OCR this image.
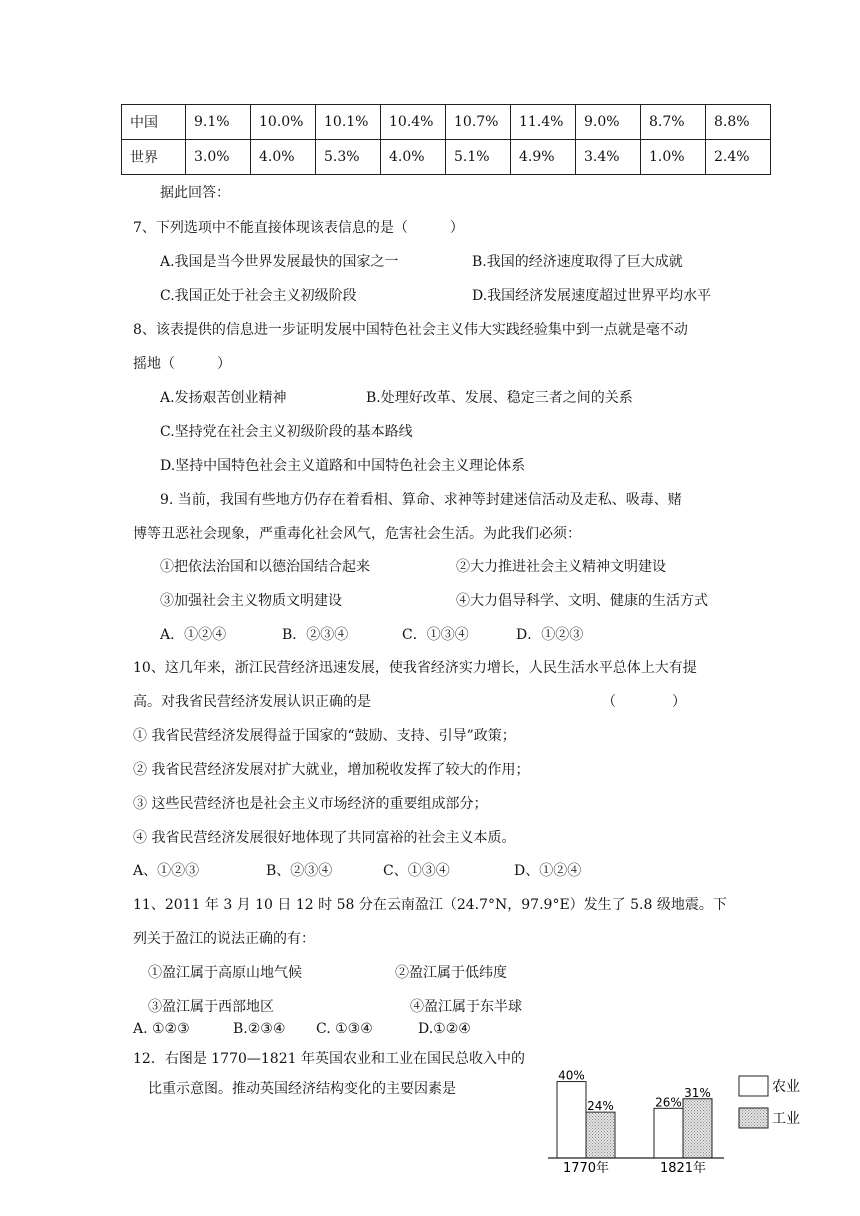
中国	9.1%	10.0%	10.1%	10.4%	10.7%	11.4%	9.0%	8.7%	8.8%
世界	3.0%	4.0%	5.3%	4.0%	5.1%	4.9%	3.4%	1.0%	2.4%
据此回答：
7、下列选项中不能直接体现该表信息的是（　　　）
A.我国是当今世界发展最快的国家之一	B.我国的经济速度取得了巨大成就
C.我国正处于社会主义初级阶段	D.我国经济发展速度超过世界平均水平
8、该表提供的信息进一步证明发展中国特色社会主义伟大实践经验集中到一点就是毫不动
摇地（　　　）
A.发扬艰苦创业精神	B.处理好改革、发展、稳定三者之间的关系
C.坚持党在社会主义初级阶段的基本路线
D.坚持中国特色社会主义道路和中国特色社会主义理论体系
9. 当前，我国有些地方仍存在着看相、算命、求神等封建迷信活动及走私、吸毒、赌
博等丑恶社会现象，严重毒化社会风气，危害社会生活。为此我们必须：
①把依法治国和以德治国结合起来	②大力推进社会主义精神文明建设
③加强社会主义物质文明建设	④大力倡导科学、文明、健康的生活方式
A．①②④	B．②③④	C．①③④	D．①②③
10、这几年来，浙江民营经济迅速发展，使我省经济实力增长，人民生活水平总体上大有提
高。对我省民营经济发展认识正确的是	（　　　　）
① 我省民营经济发展得益于国家的“鼓励、支持、引导”政策；
② 我省民营经济发展对扩大就业，增加税收发挥了较大的作用；
③ 这些民营经济也是社会主义市场经济的重要组成部分；
④ 我省民营经济发展很好地体现了共同富裕的社会主义本质。
A、①②③	B、②③④	C、①③④	D、①②④
11、2011 年 3 月 10 日 12 时 58 分在云南盈江（24.7°N，97.9°E）发生了 5.8 级地震。下
列关于盈江的说法正确的有：
①盈江属于高原山地气候	②盈江属于低纬度
③盈江属于西部地区	④盈江属于东半球
A. ①②③	B.②③④ C. ①③④	D.①②④
12．右图是 1770—1821 年英国农业和工业在国民总收入中的
比重示意图。推动英国经济结构变化的主要因素是
40%
24%
1770年
26%
31%
1821年
农业
工业
